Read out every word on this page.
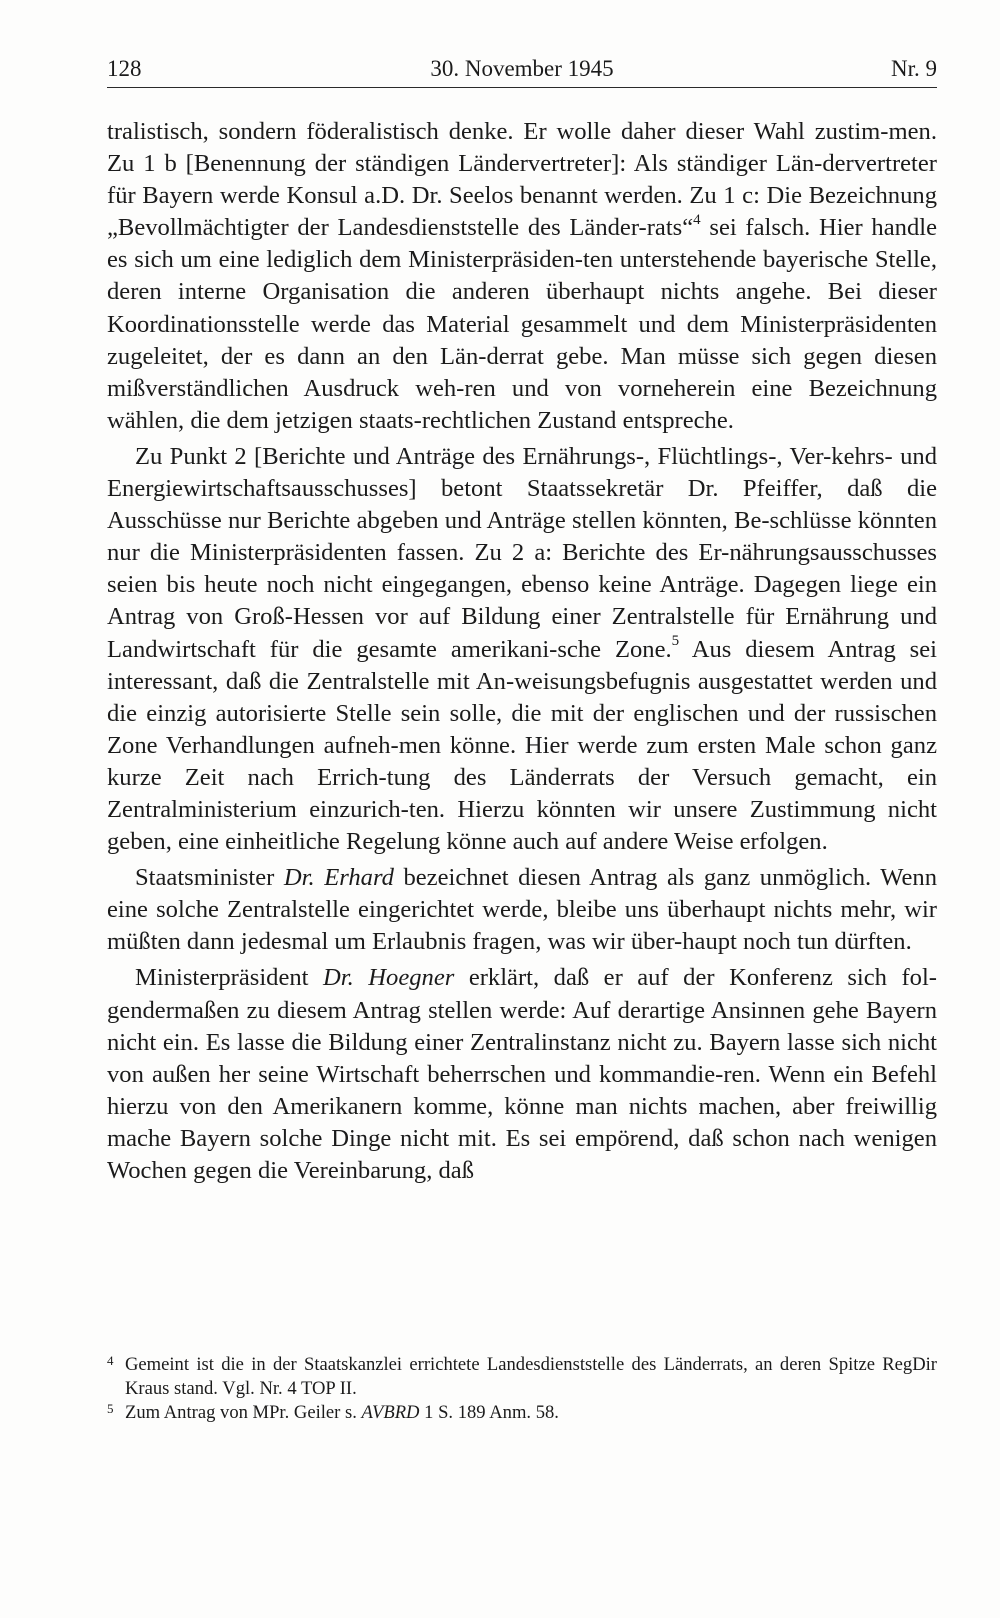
128	30. November 1945	Nr. 9

tralistisch, sondern föderalistisch denke. Er wolle daher dieser Wahl zustim-men. Zu 1 b [Benennung der ständigen Ländervertreter]: Als ständiger Län-dervertreter für Bayern werde Konsul a.D. Dr. Seelos benannt werden. Zu 1 c: Die Bezeichnung „Bevollmächtigter der Landesdienststelle des Länder-rats“$^4$ sei falsch. Hier handle es sich um eine lediglich dem Ministerpräsiden-ten unterstehende bayerische Stelle, deren interne Organisation die anderen überhaupt nichts angehe. Bei dieser Koordinationsstelle werde das Material gesammelt und dem Ministerpräsidenten zugeleitet, der es dann an den Län-derrat gebe. Man müsse sich gegen diesen mißverständlichen Ausdruck weh-ren und von vorneherein eine Bezeichnung wählen, die dem jetzigen staats-rechtlichen Zustand entspreche.

Zu Punkt 2 [Berichte und Anträge des Ernährungs-, Flüchtlings-, Ver-kehrs- und Energiewirtschaftsausschusses] betont Staatssekretär Dr. Pfeiffer, daß die Ausschüsse nur Berichte abgeben und Anträge stellen könnten, Be-schlüsse könnten nur die Ministerpräsidenten fassen. Zu 2 a: Berichte des Er-nährungsausschusses seien bis heute noch nicht eingegangen, ebenso keine Anträge. Dagegen liege ein Antrag von Groß-Hessen vor auf Bildung einer Zentralstelle für Ernährung und Landwirtschaft für die gesamte amerikani-sche Zone.$^5$ Aus diesem Antrag sei interessant, daß die Zentralstelle mit An-weisungsbefugnis ausgestattet werden und die einzig autorisierte Stelle sein solle, die mit der englischen und der russischen Zone Verhandlungen aufneh-men könne. Hier werde zum ersten Male schon ganz kurze Zeit nach Errich-tung des Länderrats der Versuch gemacht, ein Zentralministerium einzurich-ten. Hierzu könnten wir unsere Zustimmung nicht geben, eine einheitliche Regelung könne auch auf andere Weise erfolgen.

Staatsminister Dr. Erhard bezeichnet diesen Antrag als ganz unmöglich. Wenn eine solche Zentralstelle eingerichtet werde, bleibe uns überhaupt nichts mehr, wir müßten dann jedesmal um Erlaubnis fragen, was wir über-haupt noch tun dürften.

Ministerpräsident Dr. Hoegner erklärt, daß er auf der Konferenz sich fol-gendermaßen zu diesem Antrag stellen werde: Auf derartige Ansinnen gehe Bayern nicht ein. Es lasse die Bildung einer Zentralinstanz nicht zu. Bayern lasse sich nicht von außen her seine Wirtschaft beherrschen und kommandie-ren. Wenn ein Befehl hierzu von den Amerikanern komme, könne man nichts machen, aber freiwillig mache Bayern solche Dinge nicht mit. Es sei empörend, daß schon nach wenigen Wochen gegen die Vereinbarung, daß

4 Gemeint ist die in der Staatskanzlei errichtete Landesdienststelle des Länderrats, an deren Spitze RegDir Kraus stand. Vgl. Nr. 4 TOP II.
5 Zum Antrag von MPr. Geiler s. AVBRD 1 S. 189 Anm. 58.
